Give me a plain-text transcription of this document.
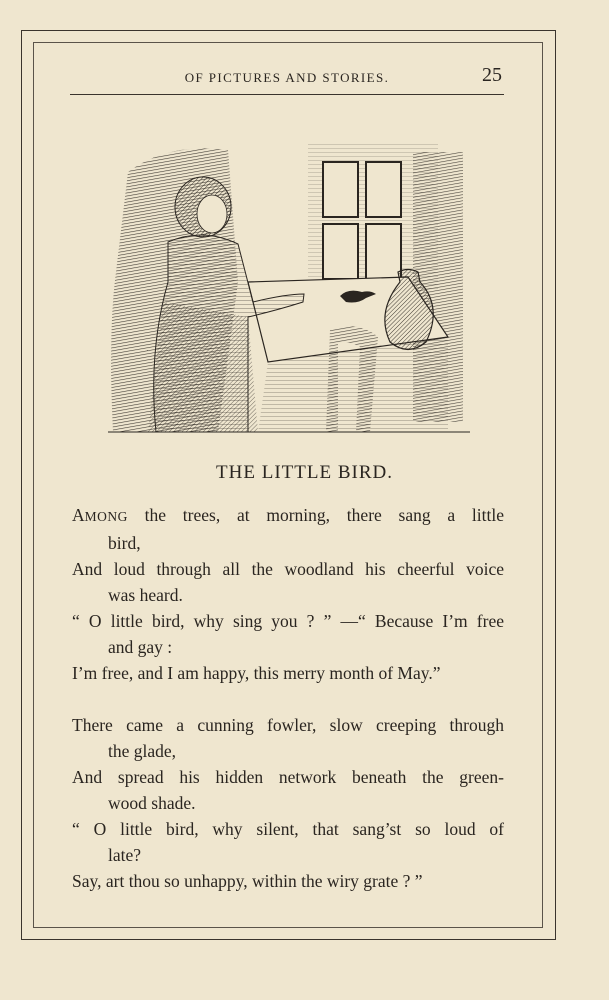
OF PICTURES AND STORIES.	25
THE LITTLE BIRD.
AMONG the trees, at morning, there sang a little
bird,
And loud through all the woodland his cheerful voice
was heard.
“ O little bird, why sing you ? ” —“ Because I’m free
and gay :
I’m free, and I am happy, this merry month of May.”
There came a cunning fowler, slow creeping through
the glade,
And spread his hidden network beneath the green-
wood shade.
“ O little bird, why silent, that sang’st so loud of
late?
Say, art thou so unhappy, within the wiry grate ? ”
